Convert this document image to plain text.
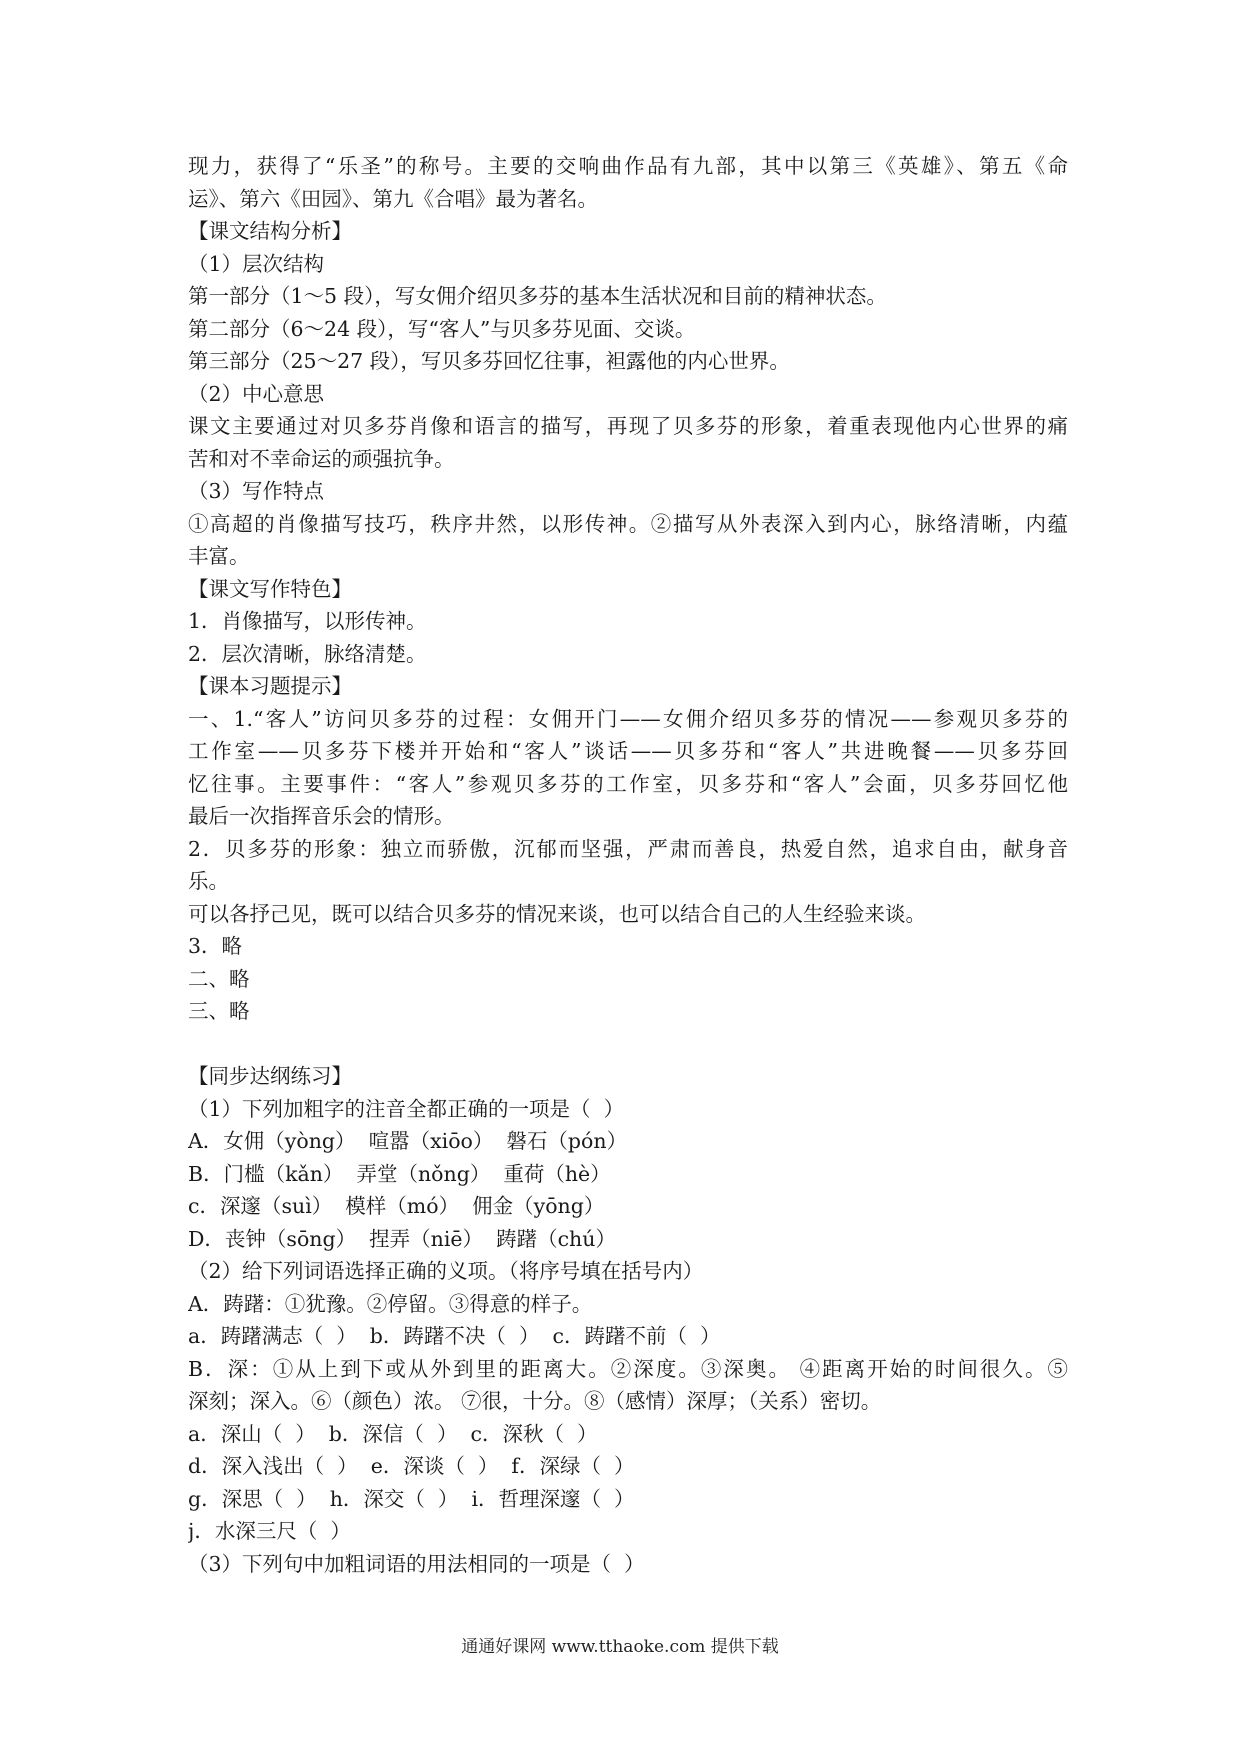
现力，获得了“乐圣”的称号。主要的交响曲作品有九部，其中以第三《英雄》、第五《命
运》、第六《田园》、第九《合唱》最为著名。
【课文结构分析】
（1）层次结构
第一部分（1～5 段），写女佣介绍贝多芬的基本生活状况和目前的精神状态。
第二部分（6～24 段），写“客人”与贝多芬见面、交谈。
第三部分（25～27 段），写贝多芬回忆往事，袒露他的内心世界。
（2）中心意思
课文主要通过对贝多芬肖像和语言的描写，再现了贝多芬的形象，着重表现他内心世界的痛
苦和对不幸命运的顽强抗争。
（3）写作特点
①高超的肖像描写技巧，秩序井然，以形传神。②描写从外表深入到内心，脉络清晰，内蕴
丰富。
【课文写作特色】
1．肖像描写，以形传神。
2．层次清晰，脉络清楚。
【课本习题提示】
一、1.“客人”访问贝多芬的过程：女佣开门——女佣介绍贝多芬的情况——参观贝多芬的
工作室——贝多芬下楼并开始和“客人”谈话——贝多芬和“客人”共进晚餐——贝多芬回
忆往事。主要事件：“客人”参观贝多芬的工作室，贝多芬和“客人”会面，贝多芬回忆他
最后一次指挥音乐会的情形。
2．贝多芬的形象：独立而骄傲，沉郁而坚强，严肃而善良，热爱自然，追求自由，献身音
乐。
可以各抒己见，既可以结合贝多芬的情况来谈，也可以结合自己的人生经验来谈。
3．略
二、略
三、略
【同步达纲练习】
（1）下列加粗字的注音全都正确的一项是（  ）
A．女佣（yòng）  喧嚣（xiōo）  磐石（pón）
B．门槛（kǎn）  弄堂（nǒng）  重荷（hè）
c．深邃（suì）  模样（mó）  佣金（yōng）
D．丧钟（sōng）  捏弄（niē）  踌躇（chú）
（2）给下列词语选择正确的义项。（将序号填在括号内）
A．踌躇：①犹豫。②停留。③得意的样子。
a．踌躇满志（  ）  b．踌躇不决（  ）  c．踌躇不前（  ）
B．深：①从上到下或从外到里的距离大。②深度。③深奥。 ④距离开始的时间很久。⑤
深刻；深入。⑥（颜色）浓。 ⑦很，十分。⑧（感情）深厚；（关系）密切。
a．深山（  ）  b．深信（  ）  c．深秋（  ）
d．深入浅出（  ）  e．深谈（  ）  f．深绿（  ）
g．深思（  ）  h．深交（  ）  i．哲理深邃（  ）
j．水深三尺（  ）
（3）下列句中加粗词语的用法相同的一项是（  ）
通通好课网 www.tthaoke.com 提供下载
